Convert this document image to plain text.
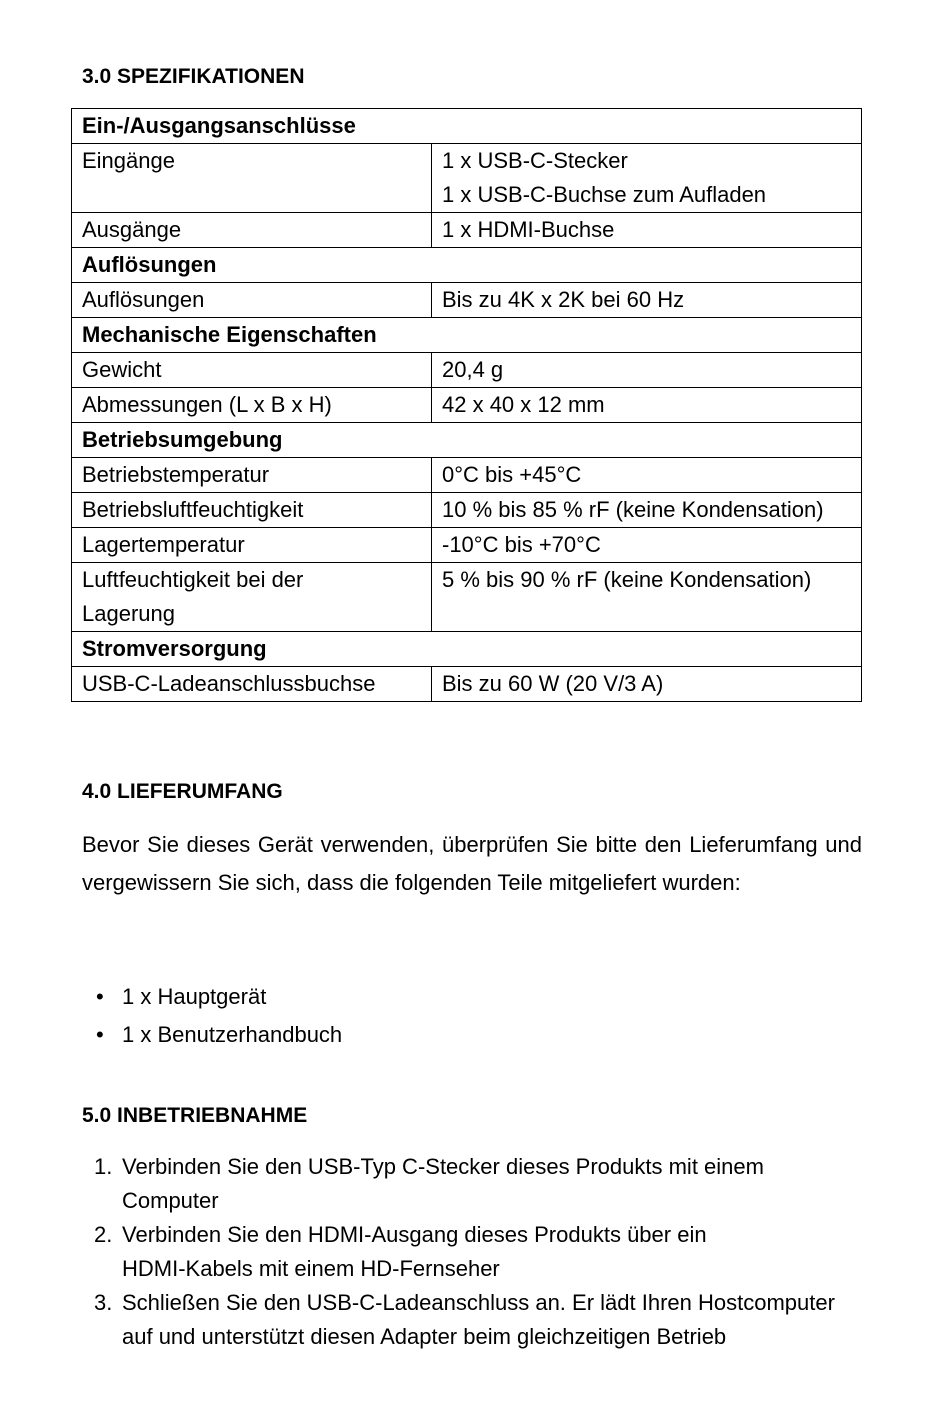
3.0 SPEZIFIKATIONEN
Ein-/Ausgangsanschlüsse	
Eingänge	1 x USB-C-Stecker
1 x USB-C-Buchse zum Aufladen

Ausgänge	1 x HDMI-Buchse
Auflösungen	
Auflösungen	Bis zu 4K x 2K bei 60 Hz
Mechanische Eigenschaften	
Gewicht	20,4 g
Abmessungen (L x B x H)	42 x 40 x 12 mm
Betriebsumgebung	
Betriebstemperatur	0°C bis +45°C
Betriebsluftfeuchtigkeit	10 % bis 85 % rF (keine Kondensation)
Lagertemperatur	-10°C bis +70°C

Luftfeuchtigkeit bei der
Lagerung	5 % bis 90 % rF (keine Kondensation)
Stromversorgung	
USB-C-Ladeanschlussbuchse	Bis zu 60 W (20 V/3 A)
4.0 LIEFERUMFANG

Bevor Sie dieses Gerät verwenden, überprüfen Sie bitte den Lieferumfang und vergewissern Sie sich, dass die folgenden Teile mitgeliefert wurden:

• 1 x Hauptgerät
• 1 x Benutzerhandbuch
5.0 INBETRIEBNAHME
1. Verbinden Sie den USB-Typ C-Stecker dieses Produkts mit einem
Computer
2. Verbinden Sie den HDMI-Ausgang dieses Produkts über ein
HDMI-Kabels mit einem HD-Fernseher
3. Schließen Sie den USB-C-Ladeanschluss an. Er lädt Ihren Hostcomputer
auf und unterstützt diesen Adapter beim gleichzeitigen Betrieb
